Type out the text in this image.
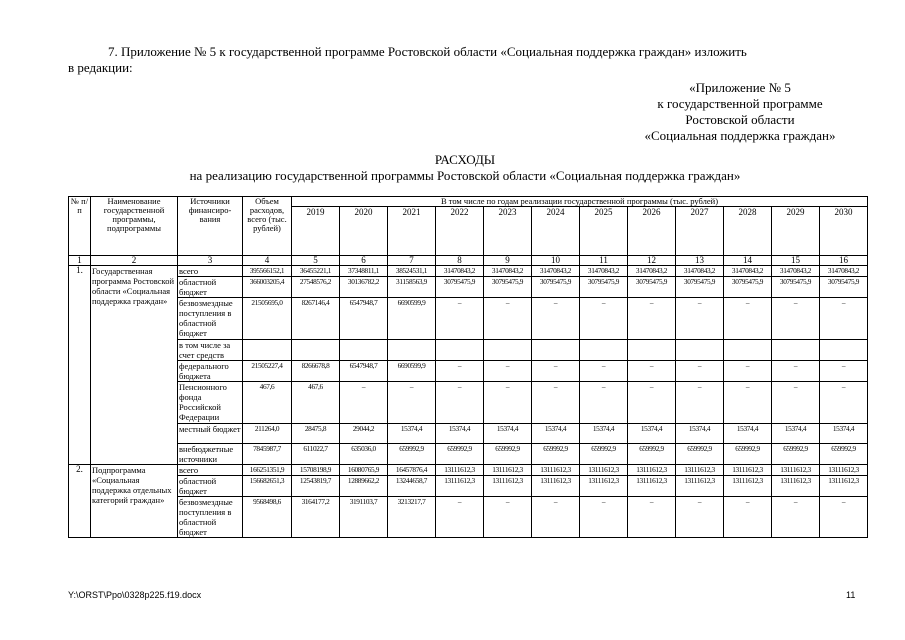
7. Приложение № 5 к государственной программе Ростовской области «Социальная поддержка граждан» изложить
в редакции:
«Приложение № 5
к государственной программе
Ростовской области
«Социальная поддержка граждан»
РАСХОДЫ
на реализацию государственной программы Ростовской области «Социальная поддержка граждан»
№ п/п	Наименование государственной программы, подпрограммы	Источники финансиро-вания	Объем расходов, всего (тыс. рублей)	В том числе по годам реализации государственной программы (тыс. рублей)											
				2019	2020	2021	2022	2023	2024	2025	2026	2027	2028	2029	2030
1	2	3	4	5	6	7	8	9	10	11	12	13	14	15	16
1.	Государственная программа Ростовской области «Социальная поддержка граждан»	всего	395566152,1	36455221,1	37348811,1	38524531,1	31470843,2	31470843,2	31470843,2	31470843,2	31470843,2	31470843,2	31470843,2	31470843,2	31470843,2
		областной бюджет	366003205,4	27548576,2	30136782,2	31158563,9	30795475,9	30795475,9	30795475,9	30795475,9	30795475,9	30795475,9	30795475,9	30795475,9	30795475,9
		безвозмездные поступления в областной бюджет	21505695,0	8267146,4	6547948,7	6690599,9	–	–	–	–	–	–	–	–	–
		в том числе за счет средств													
		федерального бюджета	21505227,4	8266678,8	6547948,7	6690599,9	–	–	–	–	–	–	–	–	–
		Пенсионного фонда Российской Федерации	467,6	467,6	–	–	–	–	–	–	–	–	–	–	–
		местный бюджет	211264,0	28475,8	29044,2	15374,4	15374,4	15374,4	15374,4	15374,4	15374,4	15374,4	15374,4	15374,4	15374,4
		внебюджетные источники	7845987,7	611022,7	635036,0	659992,9	659992,9	659992,9	659992,9	659992,9	659992,9	659992,9	659992,9	659992,9	659992,9
2.	Подпрограмма «Социальная поддержка отдельных категорий граждан»	всего	166251351,9	15708198,9	16080765,9	16457876,4	13111612,3	13111612,3	13111612,3	13111612,3	13111612,3	13111612,3	13111612,3	13111612,3	13111612,3
		областной бюджет	156682651,3	12543819,7	12889662,2	13244658,7	13111612,3	13111612,3	13111612,3	13111612,3	13111612,3	13111612,3	13111612,3	13111612,3	13111612,3
		безвозмездные поступления в областной бюджет	9568498,6	3164177,2	3191103,7	3213217,7	–	–	–	–	–	–	–	–	–
Y:\ORST\Ppo\0328p225.f19.docx	11
